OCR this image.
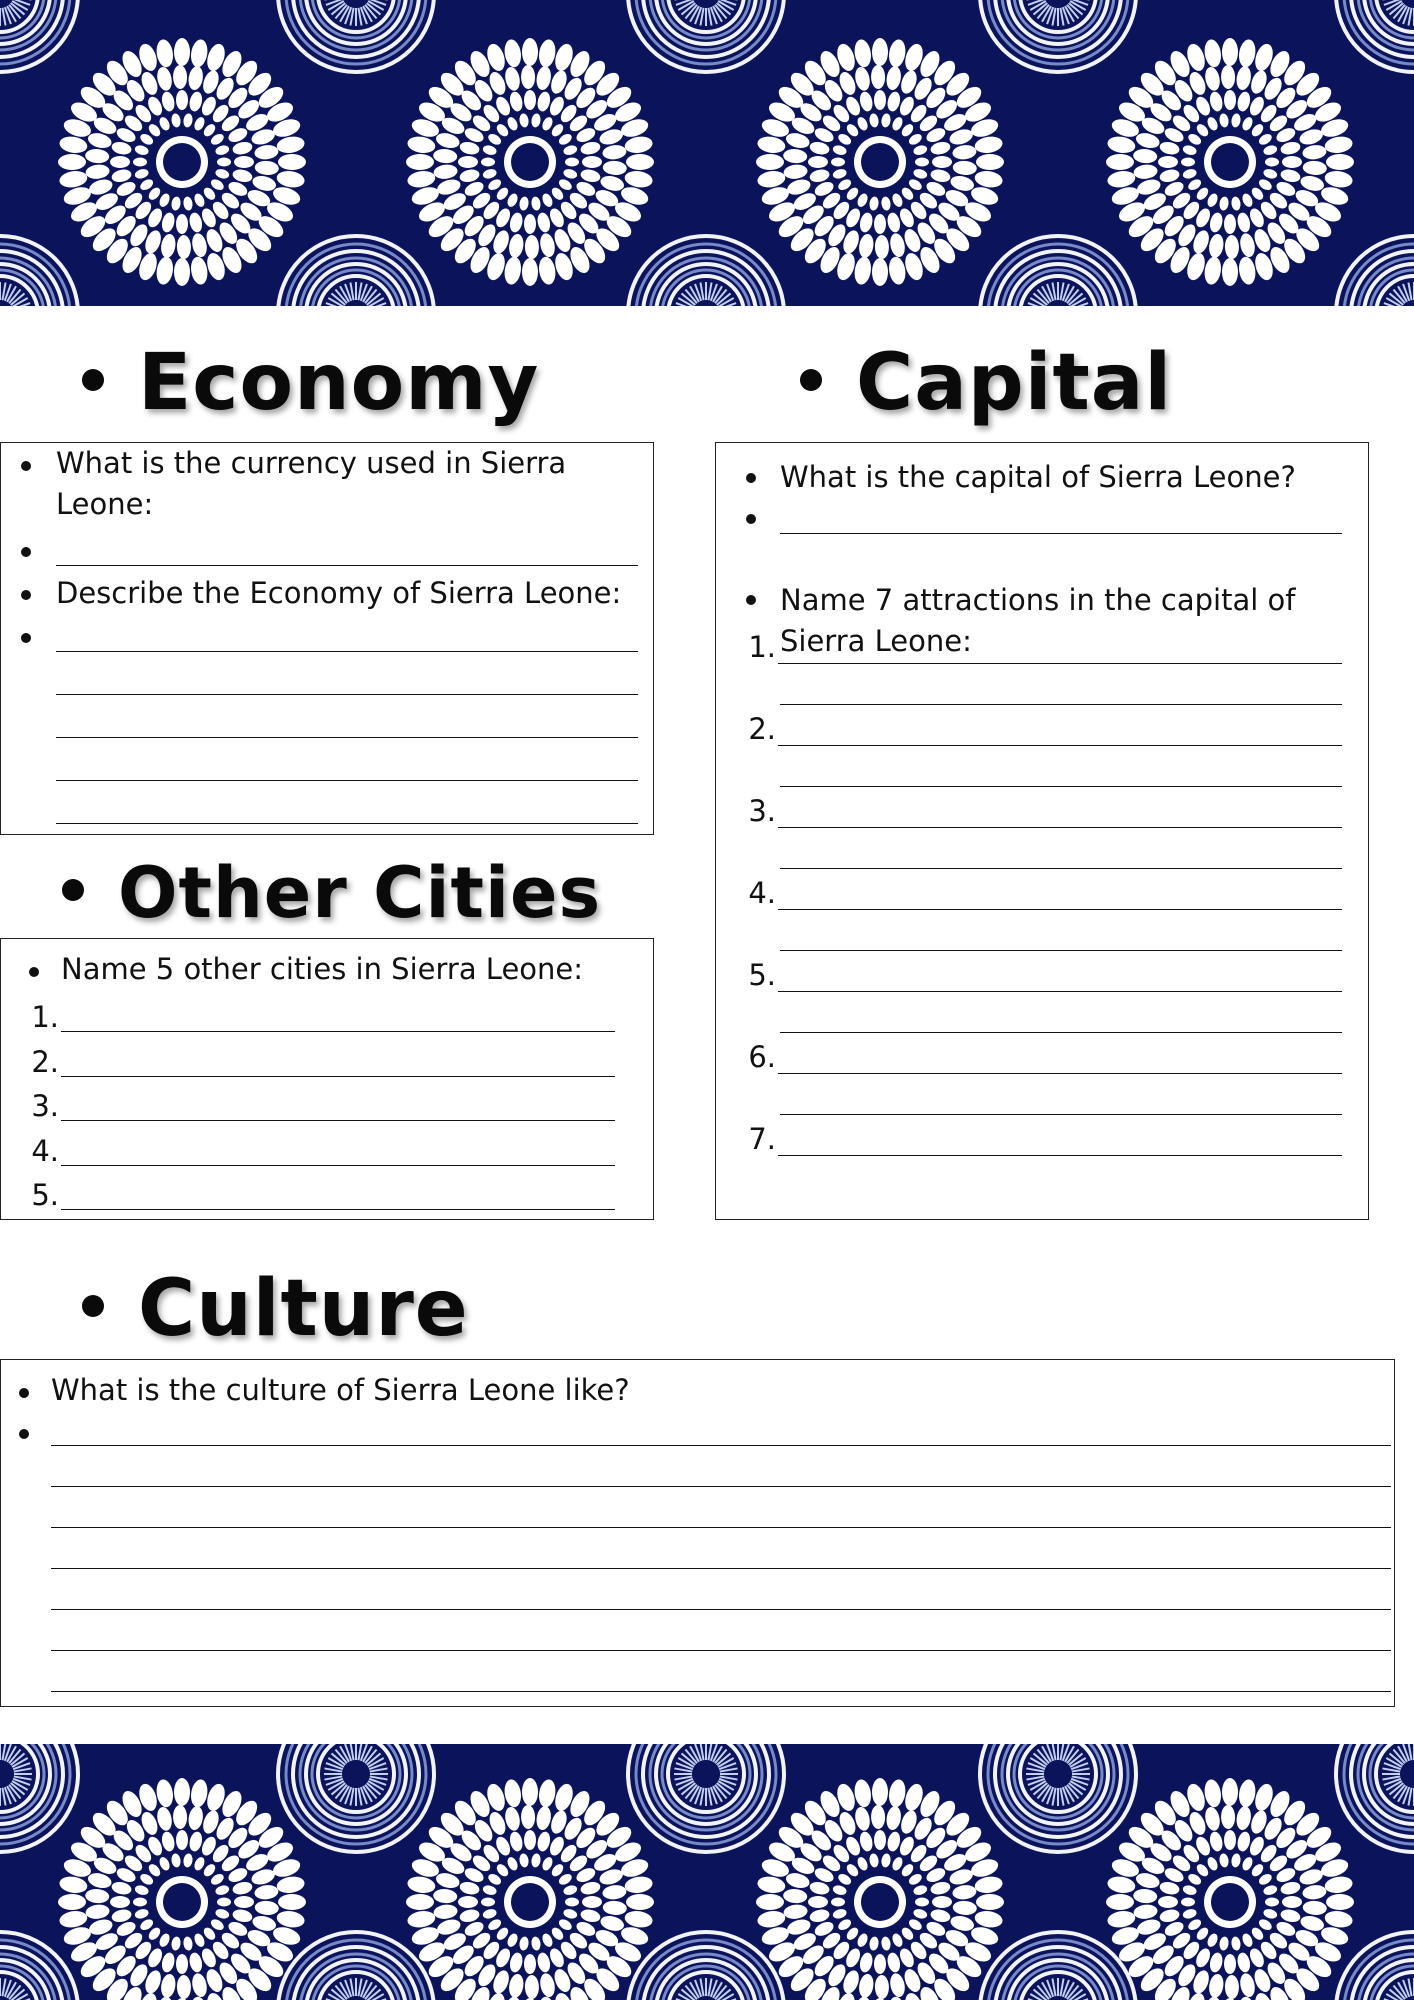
Economy
What is the currency used in Sierra Leone:
Describe the Economy of Sierra Leone:
Capital
What is the capital of Sierra Leone?
Name 7 attractions in the capital of Sierra Leone:
1.
2.
3.
4.
5.
6.
7.
Other Cities
Name 5 other cities in Sierra Leone:
1.
2.
3.
4.
5.
Culture
What is the culture of Sierra Leone like?
